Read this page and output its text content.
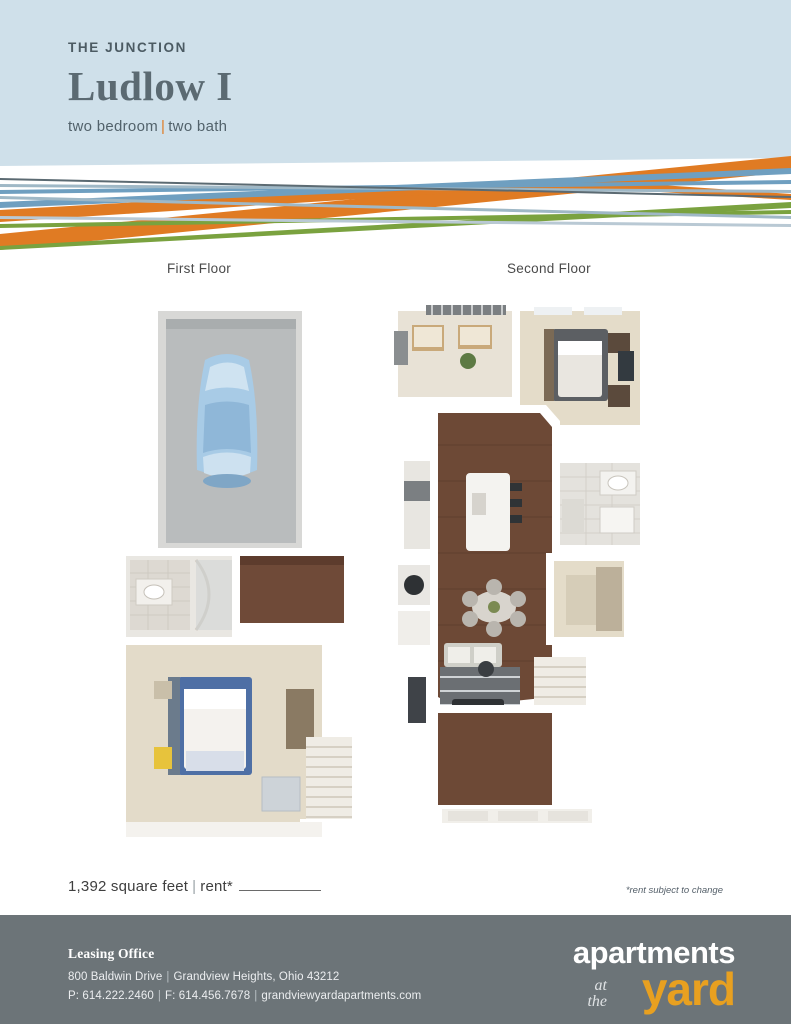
THE JUNCTION
Ludlow I
two bedroom | two bath
First Floor	Second Floor
1,392 square feet | rent*	*rent subject to change
Leasing Office
800 Baldwin Drive | Grandview Heights, Ohio 43212
P: 614.222.2460 | F: 614.456.7678 | grandviewyardapartments.com
apartments
at the yard
